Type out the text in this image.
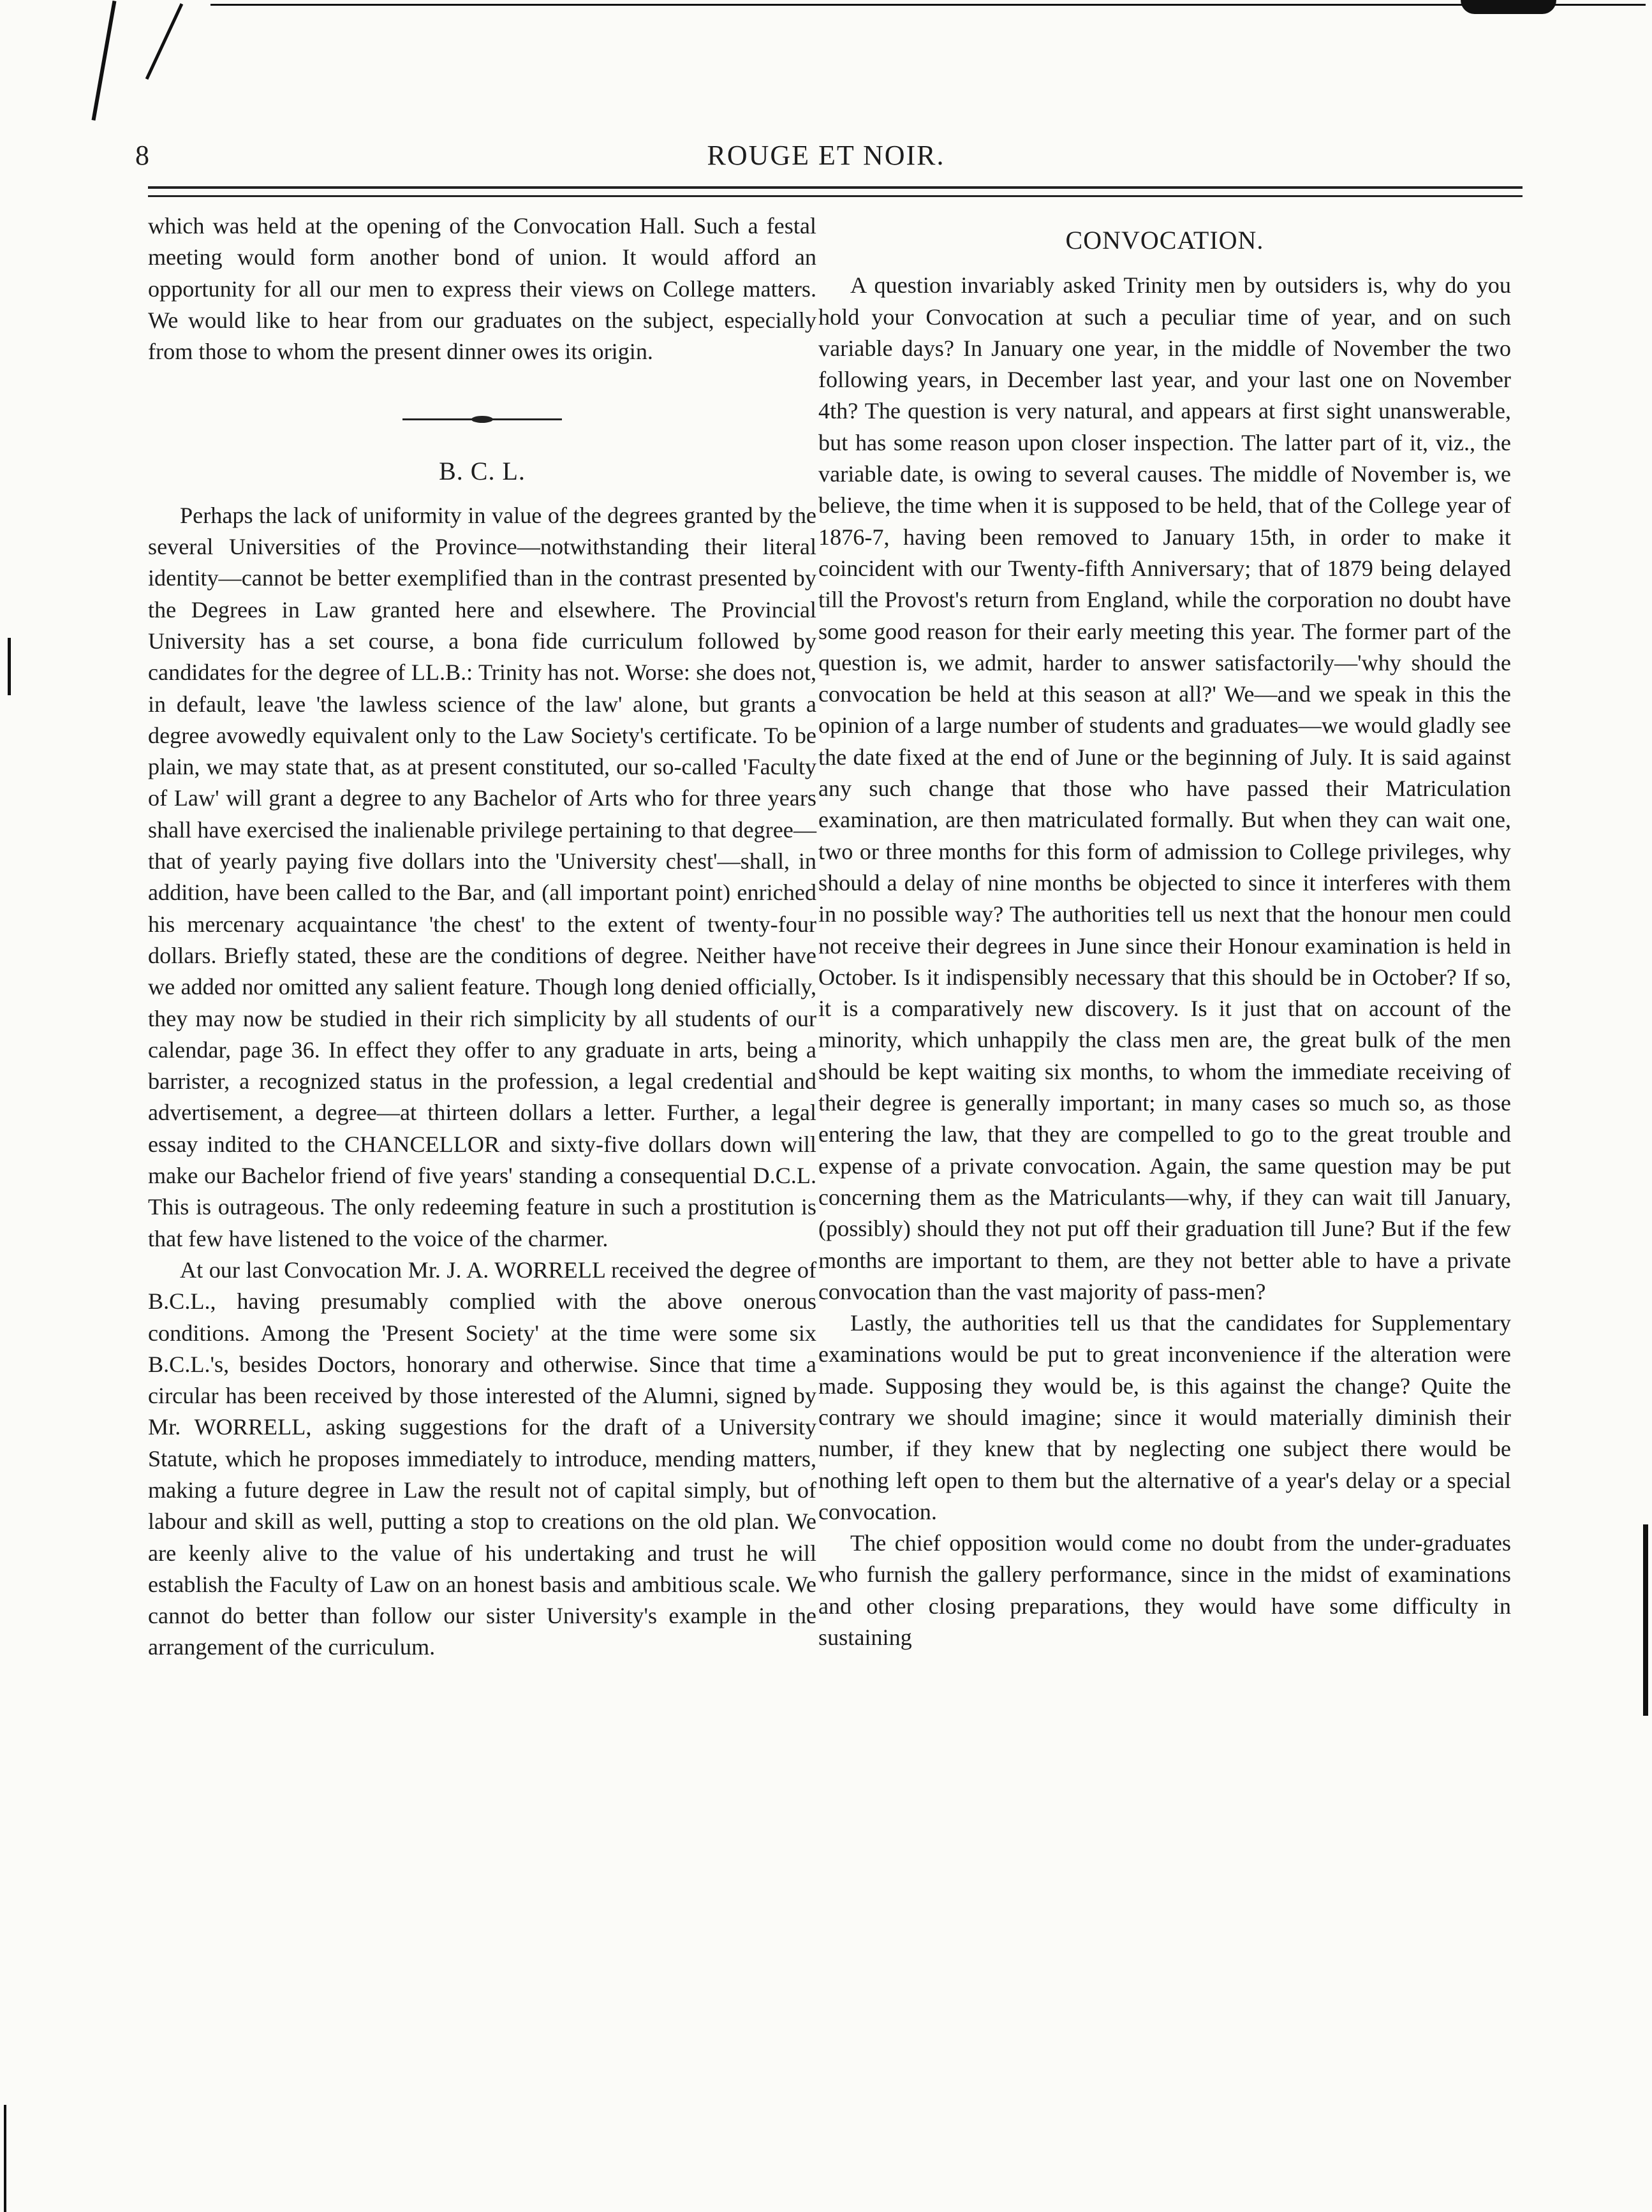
8	ROUGE ET NOIR.

which was held at the opening of the Convocation Hall. Such a festal meeting would form another bond of union. It would afford an opportunity for all our men to express their views on College matters. We would like to hear from our graduates on the subject, especially from those to whom the present dinner owes its origin.

B. C. L.

Perhaps the lack of uniformity in value of the degrees granted by the several Universities of the Province—notwithstanding their literal identity—cannot be better exemplified than in the contrast presented by the Degrees in Law granted here and elsewhere. The Provincial University has a set course, a bona fide curriculum followed by candidates for the degree of LL.B.: Trinity has not. Worse: she does not, in default, leave 'the lawless science of the law' alone, but grants a degree avowedly equivalent only to the Law Society's certificate. To be plain, we may state that, as at present constituted, our so-called 'Faculty of Law' will grant a degree to any Bachelor of Arts who for three years shall have exercised the inalienable privilege pertaining to that degree—that of yearly paying five dollars into the 'University chest'—shall, in addition, have been called to the Bar, and (all important point) enriched his mercenary acquaintance 'the chest' to the extent of twenty-four dollars. Briefly stated, these are the conditions of degree. Neither have we added nor omitted any salient feature. Though long denied officially, they may now be studied in their rich simplicity by all students of our calendar, page 36. In effect they offer to any graduate in arts, being a barrister, a recognized status in the profession, a legal credential and advertisement, a degree—at thirteen dollars a letter. Further, a legal essay indited to the CHANCELLOR and sixty-five dollars down will make our Bachelor friend of five years' standing a consequential D.C.L. This is outrageous. The only redeeming feature in such a prostitution is that few have listened to the voice of the charmer.

At our last Convocation Mr. J. A. WORRELL received the degree of B.C.L., having presumably complied with the above onerous conditions. Among the 'Present Society' at the time were some six B.C.L.'s, besides Doctors, honorary and otherwise. Since that time a circular has been received by those interested of the Alumni, signed by Mr. WORRELL, asking suggestions for the draft of a University Statute, which he proposes immediately to introduce, mending matters, making a future degree in Law the result not of capital simply, but of labour and skill as well, putting a stop to creations on the old plan. We are keenly alive to the value of his undertaking and trust he will establish the Faculty of Law on an honest basis and ambitious scale. We cannot do better than follow our sister University's example in the arrangement of the curriculum.

CONVOCATION.

A question invariably asked Trinity men by outsiders is, why do you hold your Convocation at such a peculiar time of year, and on such variable days? In January one year, in the middle of November the two following years, in December last year, and your last one on November 4th? The question is very natural, and appears at first sight unanswerable, but has some reason upon closer inspection. The latter part of it, viz., the variable date, is owing to several causes. The middle of November is, we believe, the time when it is supposed to be held, that of the College year of 1876-7, having been removed to January 15th, in order to make it coincident with our Twenty-fifth Anniversary; that of 1879 being delayed till the Provost's return from England, while the corporation no doubt have some good reason for their early meeting this year. The former part of the question is, we admit, harder to answer satisfactorily—'why should the convocation be held at this season at all?' We—and we speak in this the opinion of a large number of students and graduates—we would gladly see the date fixed at the end of June or the beginning of July. It is said against any such change that those who have passed their Matriculation examination, are then matriculated formally. But when they can wait one, two or three months for this form of admission to College privileges, why should a delay of nine months be objected to since it interferes with them in no possible way? The authorities tell us next that the honour men could not receive their degrees in June since their Honour examination is held in October. Is it indispensibly necessary that this should be in October? If so, it is a comparatively new discovery. Is it just that on account of the minority, which unhappily the class men are, the great bulk of the men should be kept waiting six months, to whom the immediate receiving of their degree is generally important; in many cases so much so, as those entering the law, that they are compelled to go to the great trouble and expense of a private convocation. Again, the same question may be put concerning them as the Matriculants—why, if they can wait till January, (possibly) should they not put off their graduation till June? But if the few months are important to them, are they not better able to have a private convocation than the vast majority of pass-men?

Lastly, the authorities tell us that the candidates for Supplementary examinations would be put to great inconvenience if the alteration were made. Supposing they would be, is this against the change? Quite the contrary we should imagine; since it would materially diminish their number, if they knew that by neglecting one subject there would be nothing left open to them but the alternative of a year's delay or a special convocation.

The chief opposition would come no doubt from the under-graduates who furnish the gallery performance, since in the midst of examinations and other closing preparations, they would have some difficulty in sustaining
